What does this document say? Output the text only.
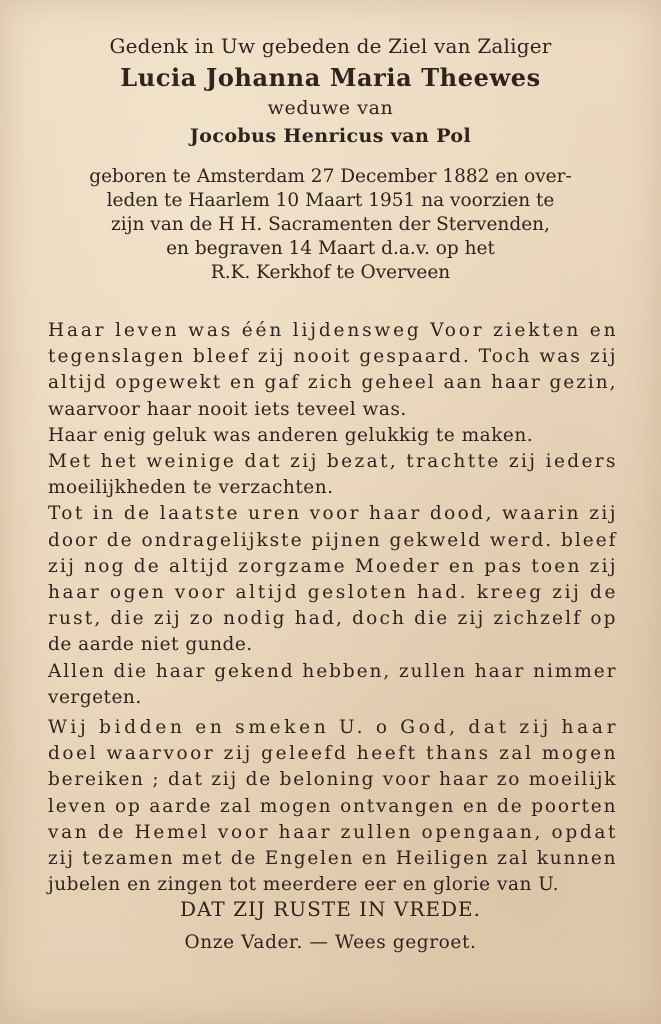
Gedenk in Uw gebeden de Ziel van Zaliger
Lucia Johanna Maria Theewes
weduwe van
Jocobus Henricus van Pol
geboren te Amsterdam 27 December 1882 en over-
leden te Haarlem 10 Maart 1951 na voorzien te
zijn van de H H. Sacramenten der Stervenden,
en begraven 14 Maart d.a.v. op het
R.K. Kerkhof te Overveen
Haar leven was één lijdensweg Voor ziekten en
tegenslagen bleef zij nooit gespaard. Toch was zij
altijd opgewekt en gaf zich geheel aan haar gezin,
waarvoor haar nooit iets teveel was.
Haar enig geluk was anderen gelukkig te maken.
Met het weinige dat zij bezat, trachtte zij ieders
moeilijkheden te verzachten.
Tot in de laatste uren voor haar dood, waarin zij
door de ondragelijkste pijnen gekweld werd. bleef
zij nog de altijd zorgzame Moeder en pas toen zij
haar ogen voor altijd gesloten had. kreeg zij de
rust, die zij zo nodig had, doch die zij zichzelf op
de aarde niet gunde.
Allen die haar gekend hebben, zullen haar nimmer
vergeten.
Wij bidden en smeken U. o God, dat zij haar
doel waarvoor zij geleefd heeft thans zal mogen
bereiken ; dat zij de beloning voor haar zo moeilijk
leven op aarde zal mogen ontvangen en de poorten
van de Hemel voor haar zullen opengaan, opdat
zij tezamen met de Engelen en Heiligen zal kunnen
jubelen en zingen tot meerdere eer en glorie van U.
DAT ZIJ RUSTE IN VREDE.
Onze Vader. — Wees gegroet.
